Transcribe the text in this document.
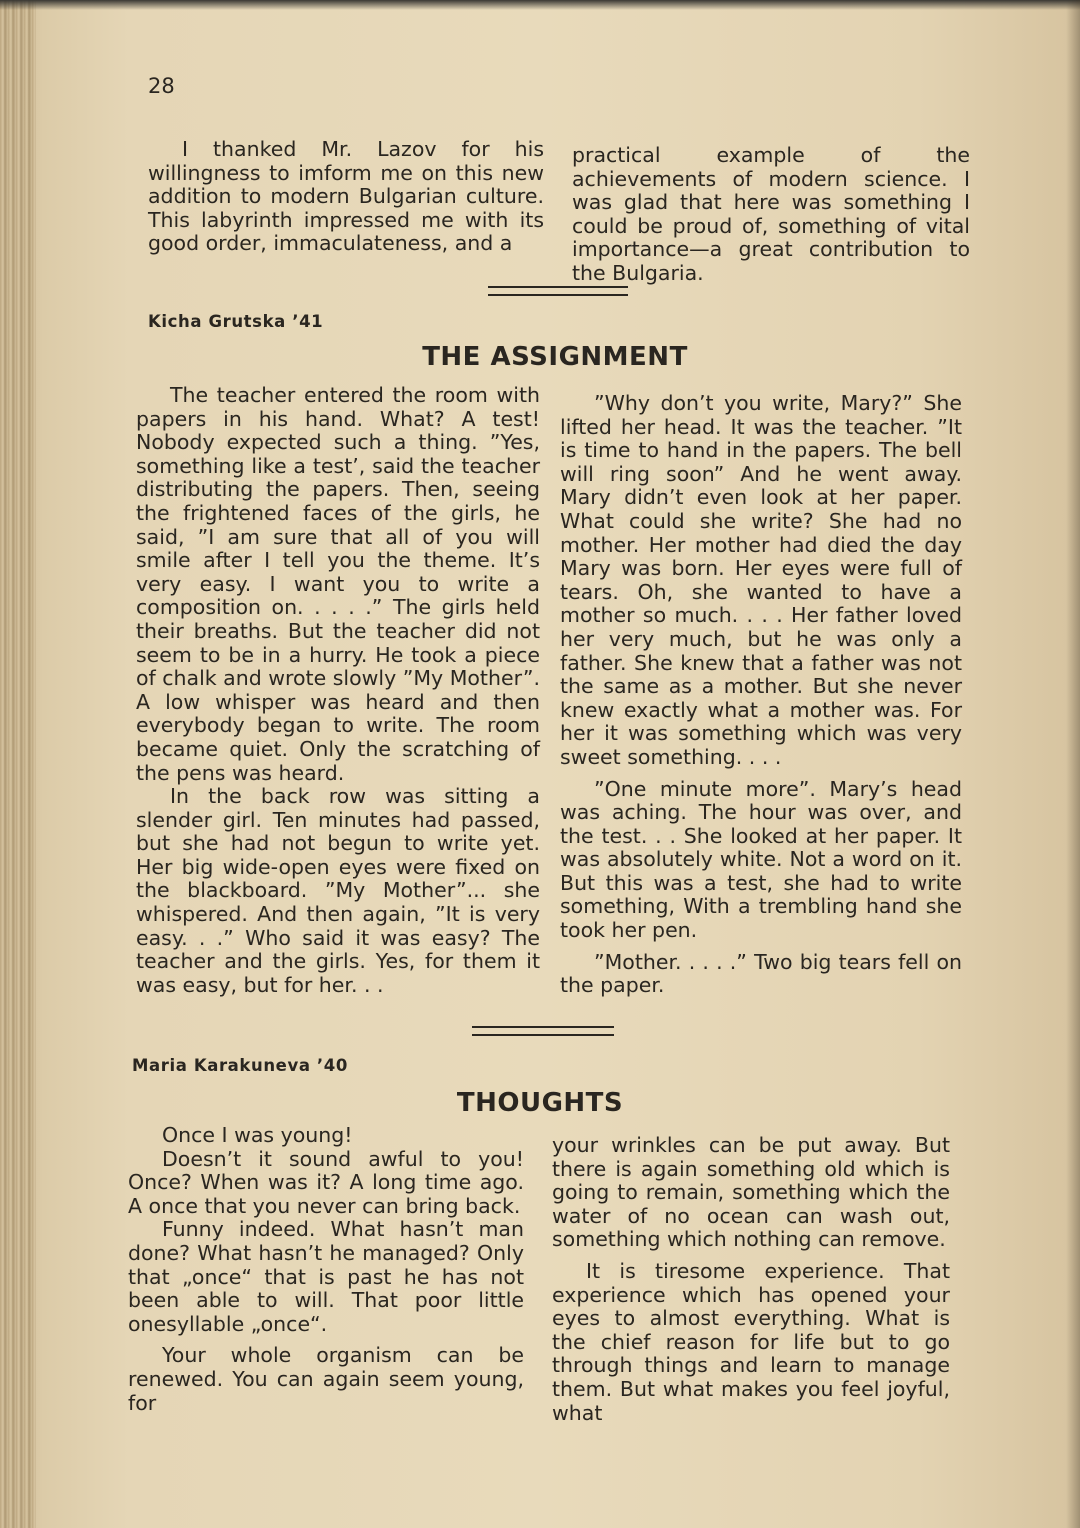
28

I thanked Mr. Lazov for his willingness to imform me on this new addition to modern Bulgarian culture. This labyrinth impressed me with its good order, immaculateness, and a

practical example of the achievements of modern science. I was glad that here was something I could be proud of, something of vital importance—a great contribution to the Bulgaria.

Kicha Grutska ’41
THE ASSIGNMENT

The teacher entered the room with papers in his hand. What? A test! Nobody expected such a thing. ”Yes, something like a test’, said the teacher distributing the papers. Then, seeing the frightened faces of the girls, he said, ”I am sure that all of you will smile after I tell you the theme. It’s very easy. I want you to write a composition on. . . . .” The girls held their breaths. But the teacher did not seem to be in a hurry. He took a piece of chalk and wrote slowly ”My Mother”. A low whisper was heard and then everybody began to write. The room became quiet. Only the scratching of the pens was heard.

In the back row was sitting a slender girl. Ten minutes had passed, but she had not begun to write yet. Her big wide-open eyes were fixed on the blackboard. ”My Mother”... she whispered. And then again, ”It is very easy. . .” Who said it was easy? The teacher and the girls. Yes, for them it was easy, but for her. . .

”Why don’t you write, Mary?” She lifted her head. It was the teacher. ”It is time to hand in the papers. The bell will ring soon” And he went away. Mary didn’t even look at her paper. What could she write? She had no mother. Her mother had died the day Mary was born. Her eyes were full of tears. Oh, she wanted to have a mother so much. . . . Her father loved her very much, but he was only a father. She knew that a father was not the same as a mother. But she never knew exactly what a mother was. For her it was something which was very sweet something. . . .

”One minute more”. Mary’s head was aching. The hour was over, and the test. . . She looked at her paper. It was absolutely white. Not a word on it. But this was a test, she had to write something, With a trembling hand she took her pen.

”Mother. . . . .” Two big tears fell on the paper.

Maria Karakuneva ’40
THOUGHTS

Once I was young!

Doesn’t it sound awful to you! Once? When was it? A long time ago. A once that you never can bring back.

Funny indeed. What hasn’t man done? What hasn’t he managed? Only that „once“ that is past he has not been able to will. That poor little onesyllable „once“.

Your whole organism can be renewed. You can again seem young, for

your wrinkles can be put away. But there is again something old which is going to remain, something which the water of no ocean can wash out, something which nothing can remove.

It is tiresome experience. That experience which has opened your eyes to almost everything. What is the chief reason for life but to go through things and learn to manage them. But what makes you feel joyful, what
